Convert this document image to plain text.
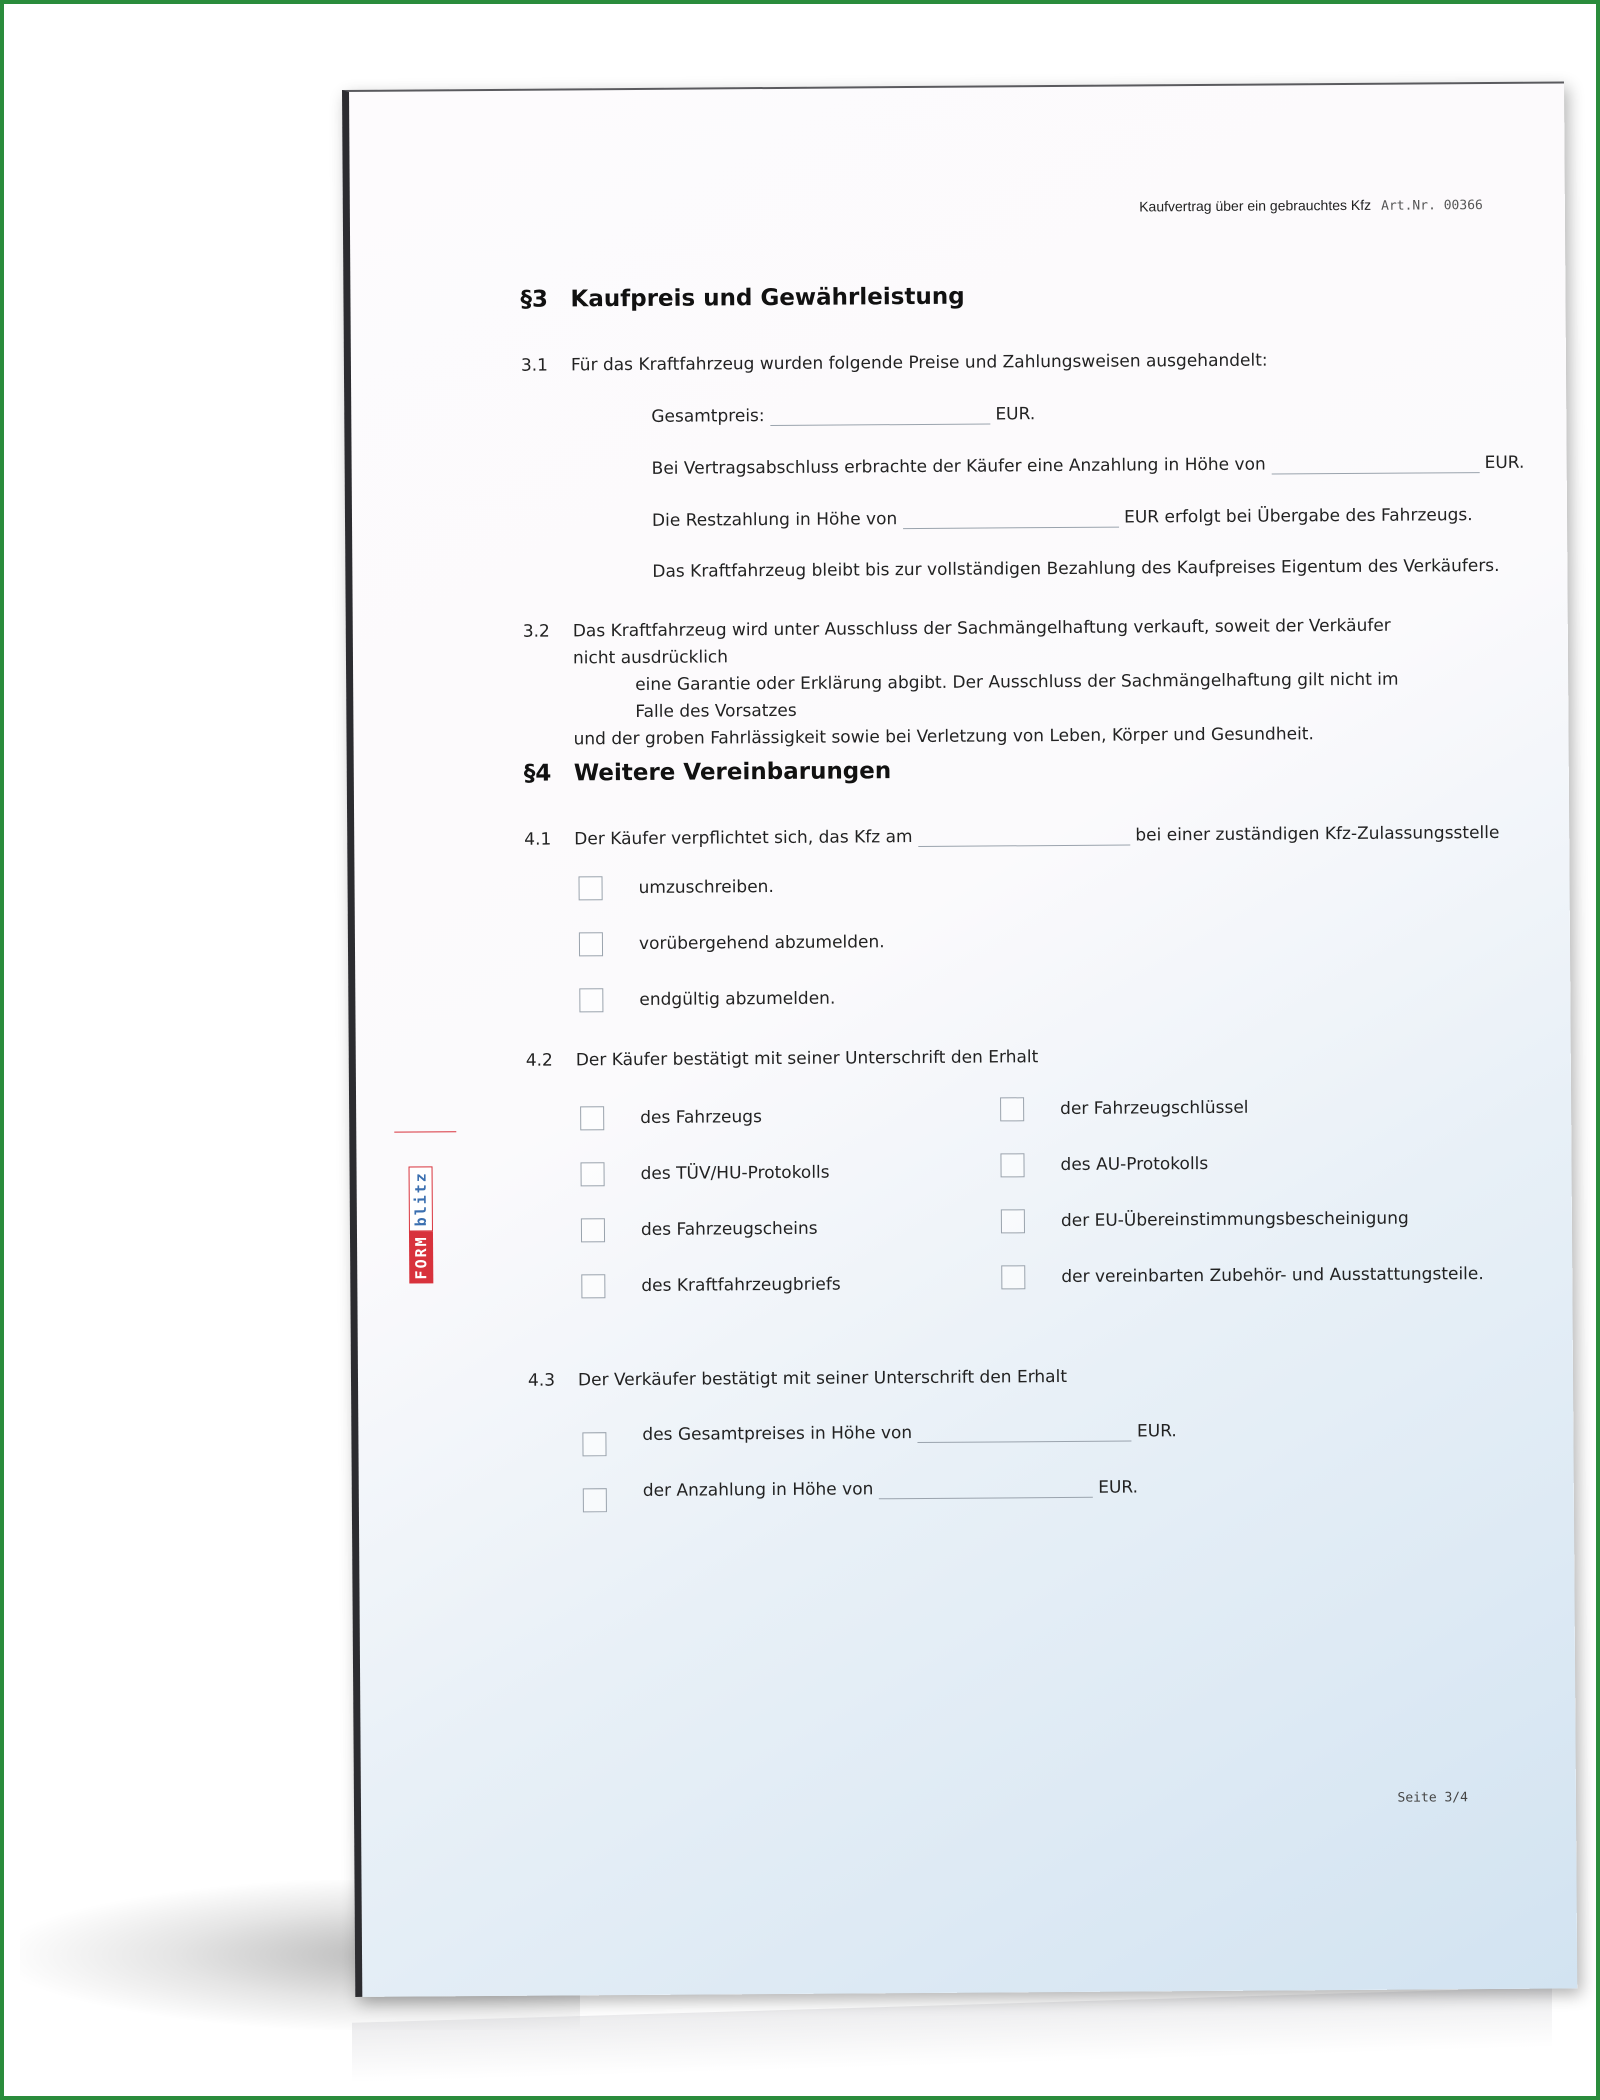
Kaufvertrag über ein gebrauchtes Kfz Art.Nr. 00366
§3 Kaufpreis und Gewährleistung
3.1 Für das Kraftfahrzeug wurden folgende Preise und Zahlungsweisen ausgehandelt:
Gesamtpreis:	EUR.
Bei Vertragsabschluss erbrachte der Käufer eine Anzahlung in Höhe von	EUR.
Die Restzahlung in Höhe von	EUR erfolgt bei Übergabe des Fahrzeugs.
Das Kraftfahrzeug bleibt bis zur vollständigen Bezahlung des Kaufpreises Eigentum des Verkäufers.
3.2 Das Kraftfahrzeug wird unter Ausschluss der Sachmängelhaftung verkauft, soweit der Verkäufer nicht ausdrücklich
eine Garantie oder Erklärung abgibt. Der Ausschluss der Sachmängelhaftung gilt nicht im Falle des Vorsatzes
und der groben Fahrlässigkeit sowie bei Verletzung von Leben, Körper und Gesundheit.
§4 Weitere Vereinbarungen
4.1 Der Käufer verpflichtet sich, das Kfz am	bei einer zuständigen Kfz-Zulassungsstelle
umzuschreiben.
vorübergehend abzumelden.
endgültig abzumelden.
4.2 Der Käufer bestätigt mit seiner Unterschrift den Erhalt
des Fahrzeugs
des TÜV/HU-Protokolls
des Fahrzeugscheins
des Kraftfahrzeugbriefs
der Fahrzeugschlüssel
des AU-Protokolls
der EU-Übereinstimmungsbescheinigung
der vereinbarten Zubehör- und Ausstattungsteile.
4.3 Der Verkäufer bestätigt mit seiner Unterschrift den Erhalt
des Gesamtpreises in Höhe von	EUR.
der Anzahlung in Höhe von	EUR.
FORM
blitz
Seite 3/4
